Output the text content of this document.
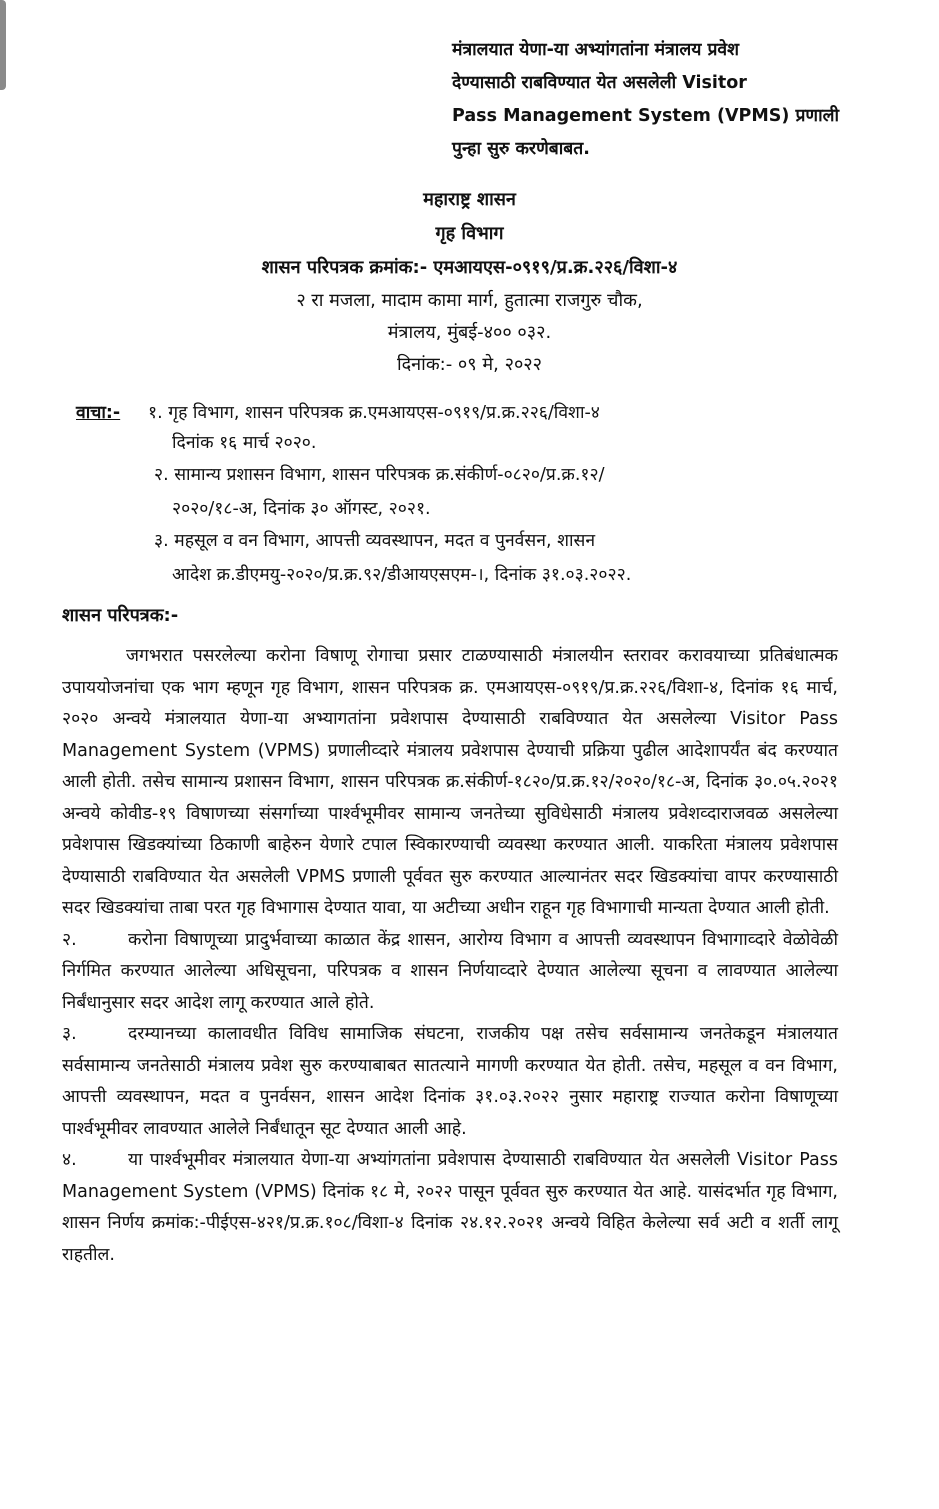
मंत्रालयात येणा-या अभ्यांगतांना मंत्रालय प्रवेश
देण्यासाठी राबविण्यात येत असलेली Visitor
Pass Management System (VPMS) प्रणाली
पुन्हा सुरु करणेबाबत.
महाराष्ट्र शासन
गृह विभाग
शासन परिपत्रक क्रमांक:- एमआयएस-०९१९/प्र.क्र.२२६/विशा-४
२ रा मजला, मादाम कामा मार्ग, हुतात्मा राजगुरु चौक,
मंत्रालय, मुंबई-४०० ०३२.
दिनांक:- ०९ मे, २०२२
वाचा:- १. गृह विभाग, शासन परिपत्रक क्र.एमआयएस-०९१९/प्र.क्र.२२६/विशा-४
दिनांक १६ मार्च २०२०.
२. सामान्य प्रशासन विभाग, शासन परिपत्रक क्र.संकीर्ण-०८२०/प्र.क्र.१२/
२०२०/१८-अ, दिनांक ३० ऑगस्ट, २०२१.
३. महसूल व वन विभाग, आपत्ती व्यवस्थापन, मदत व पुनर्वसन, शासन
आदेश क्र.डीएमयु-२०२०/प्र.क्र.९२/डीआयएसएम-।, दिनांक ३१.०३.२०२२.
शासन परिपत्रक:-

जगभरात पसरलेल्या करोना विषाणू रोगाचा प्रसार टाळण्यासाठी मंत्रालयीन स्तरावर करावयाच्या प्रतिबंधात्मक उपाययोजनांचा एक भाग म्हणून गृह विभाग, शासन परिपत्रक क्र. एमआयएस-०९१९/प्र.क्र.२२६/विशा-४, दिनांक १६ मार्च, २०२० अन्वये मंत्रालयात येणा-या अभ्यागतांना प्रवेशपास देण्यासाठी राबविण्यात येत असलेल्या Visitor Pass Management System (VPMS) प्रणालीव्दारे मंत्रालय प्रवेशपास देण्याची प्रक्रिया पुढील आदेशापर्यंत बंद करण्यात आली होती. तसेच सामान्य प्रशासन विभाग, शासन परिपत्रक क्र.संकीर्ण-१८२०/प्र.क्र.१२/२०२०/१८-अ, दिनांक ३०.०५.२०२१ अन्वये कोवीड-१९ विषाणच्या संसर्गाच्या पार्श्वभूमीवर सामान्य जनतेच्या सुविधेसाठी मंत्रालय प्रवेशव्दाराजवळ असलेल्या प्रवेशपास खिडक्यांच्या ठिकाणी बाहेरुन येणारे टपाल स्विकारण्याची व्यवस्था करण्यात आली. याकरिता मंत्रालय प्रवेशपास देण्यासाठी राबविण्यात येत असलेली VPMS प्रणाली पूर्ववत सुरु करण्यात आल्यानंतर सदर खिडक्यांचा वापर करण्यासाठी सदर खिडक्यांचा ताबा परत गृह विभागास देण्यात यावा, या अटीच्या अधीन राहून गृह विभागाची मान्यता देण्यात आली होती.

२.	करोना विषाणूच्या प्रादुर्भवाच्या काळात केंद्र शासन, आरोग्य विभाग व आपत्ती व्यवस्थापन विभागाव्दारे वेळोवेळी निर्गमित करण्यात आलेल्या अधिसूचना, परिपत्रक व शासन निर्णयाव्दारे देण्यात आलेल्या सूचना व लावण्यात आलेल्या निर्बंधानुसार सदर आदेश लागू करण्यात आले होते.

३.	दरम्यानच्या कालावधीत विविध सामाजिक संघटना, राजकीय पक्ष तसेच सर्वसामान्य जनतेकडून मंत्रालयात सर्वसामान्य जनतेसाठी मंत्रालय प्रवेश सुरु करण्याबाबत सातत्याने मागणी करण्यात येत होती. तसेच, महसूल व वन विभाग, आपत्ती व्यवस्थापन, मदत व पुनर्वसन, शासन आदेश दिनांक ३१.०३.२०२२ नुसार महाराष्ट्र राज्यात करोना विषाणूच्या पार्श्वभूमीवर लावण्यात आलेले निर्बंधातून सूट देण्यात आली आहे.

४.	या पार्श्वभूमीवर मंत्रालयात येणा-या अभ्यांगतांना प्रवेशपास देण्यासाठी राबविण्यात येत असलेली Visitor Pass Management System (VPMS) दिनांक १८ मे, २०२२ पासून पूर्ववत सुरु करण्यात येत आहे. यासंदर्भात गृह विभाग, शासन निर्णय क्रमांक:-पीईएस-४२१/प्र.क्र.१०८/विशा-४ दिनांक २४.१२.२०२१ अन्वये विहित केलेल्या सर्व अटी व शर्ती लागू राहतील.
